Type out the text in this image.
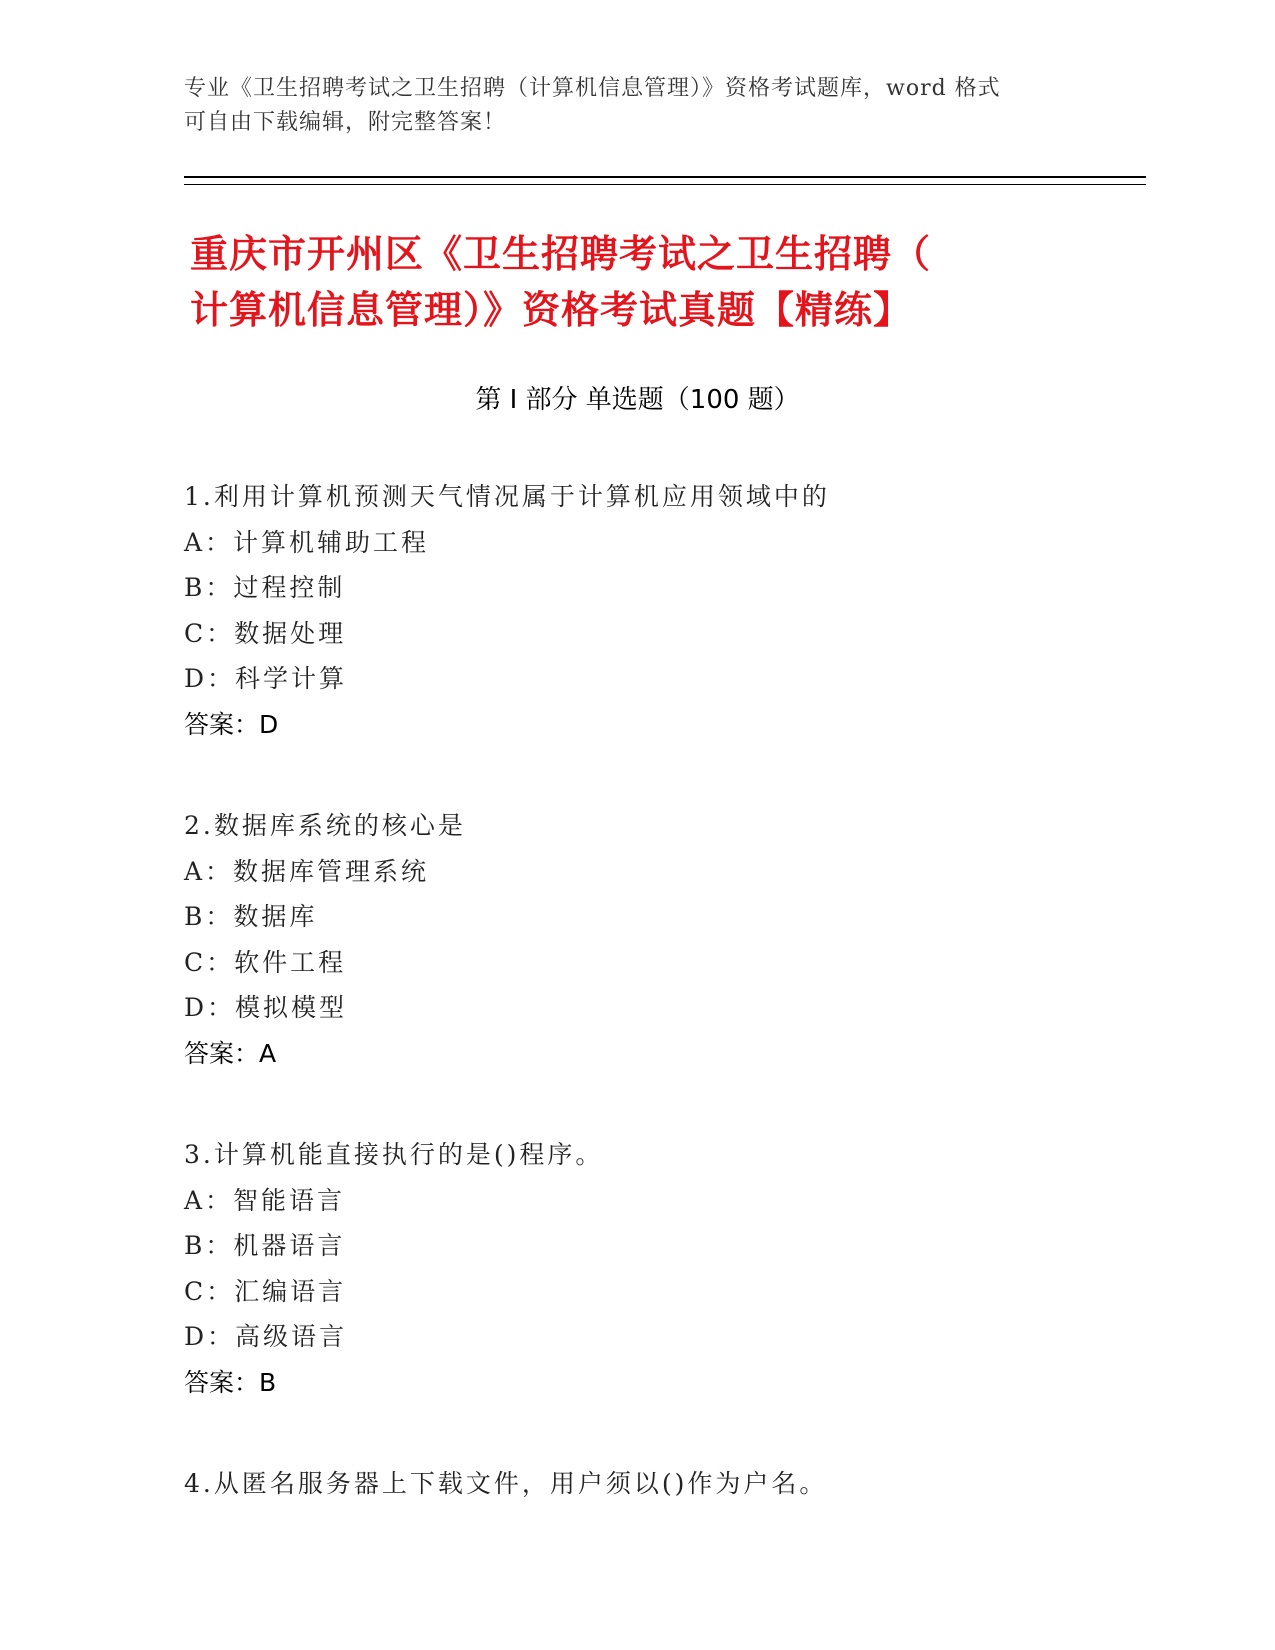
专业《卫生招聘考试之卫生招聘（计算机信息管理）》资格考试题库，word 格式
可自由下载编辑，附完整答案！
重庆市开州区《卫生招聘考试之卫生招聘（
计算机信息管理）》资格考试真题【精练】
第 I 部分 单选题（100 题）
1.利用计算机预测天气情况属于计算机应用领域中的
A：计算机辅助工程
B：过程控制
C：数据处理
D：科学计算
答案：D
2.数据库系统的核心是
A：数据库管理系统
B：数据库
C：软件工程
D：模拟模型
答案：A
3.计算机能直接执行的是()程序。
A：智能语言
B：机器语言
C：汇编语言
D：高级语言
答案：B
4.从匿名服务器上下载文件，用户须以()作为户名。
